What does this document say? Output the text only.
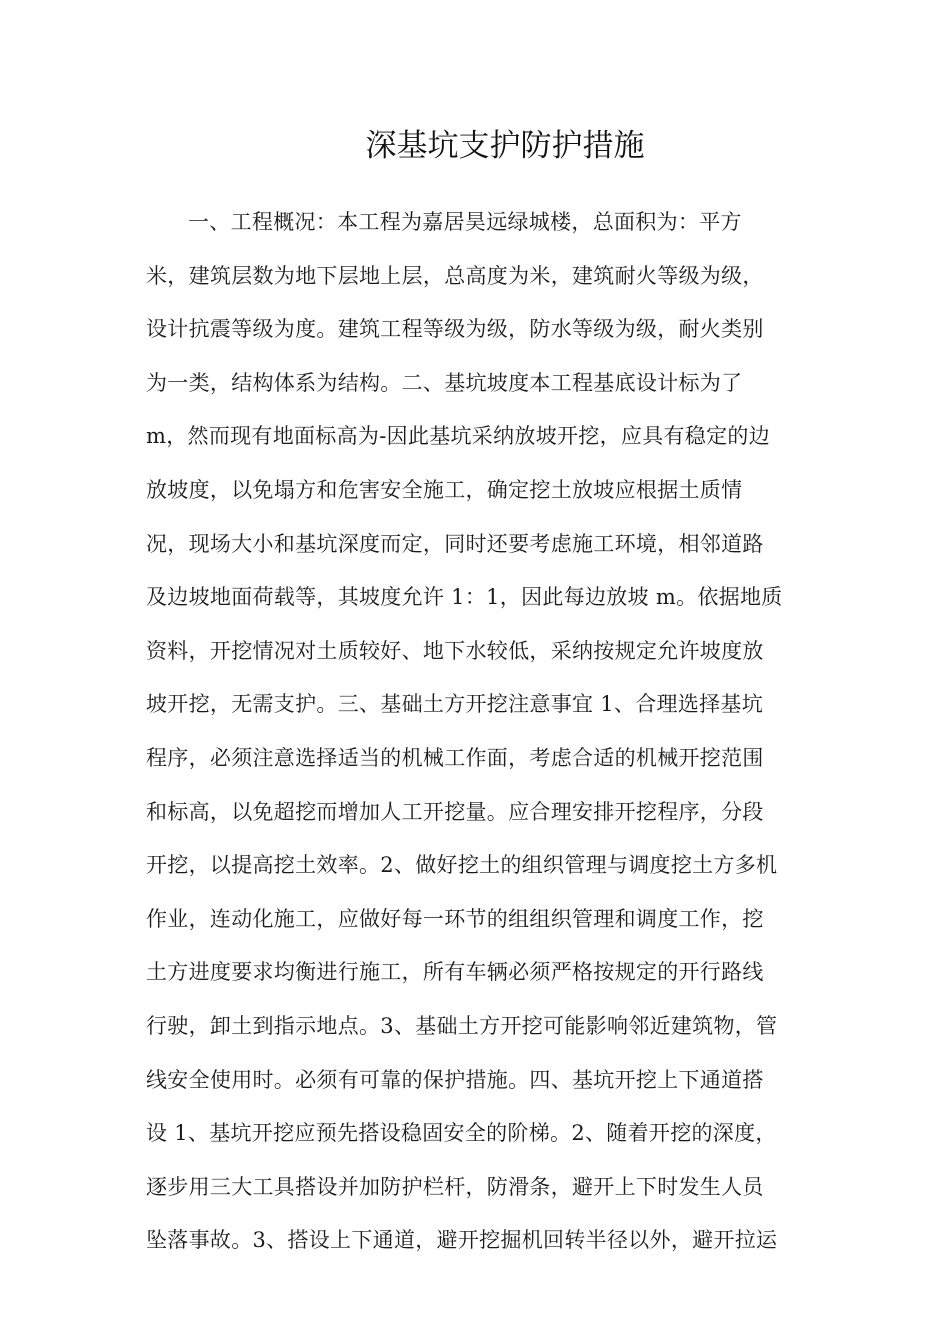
深基坑支护防护措施
一、工程概况：本工程为嘉居昊远绿城楼，总面积为：平方
米，建筑层数为地下层地上层，总高度为米，建筑耐火等级为级，
设计抗震等级为度。建筑工程等级为级，防水等级为级，耐火类别
为一类，结构体系为结构。二、基坑坡度本工程基底设计标为了
m，然而现有地面标高为-因此基坑采纳放坡开挖，应具有稳定的边
放坡度，以免塌方和危害安全施工，确定挖土放坡应根据土质情
况，现场大小和基坑深度而定，同时还要考虑施工环境，相邻道路
及边坡地面荷载等，其坡度允许 1：1，因此每边放坡 m。依据地质
资料，开挖情况对土质较好、地下水较低，采纳按规定允许坡度放
坡开挖，无需支护。三、基础土方开挖注意事宜 1、合理选择基坑
程序，必须注意选择适当的机械工作面，考虑合适的机械开挖范围
和标高，以免超挖而增加人工开挖量。应合理安排开挖程序，分段
开挖，以提高挖土效率。2、做好挖土的组织管理与调度挖土方多机
作业，连动化施工，应做好每一环节的组组织管理和调度工作，挖
土方进度要求均衡进行施工，所有车辆必须严格按规定的开行路线
行驶，卸土到指示地点。3、基础土方开挖可能影响邻近建筑物，管
线安全使用时。必须有可靠的保护措施。四、基坑开挖上下通道搭
设 1、基坑开挖应预先搭设稳固安全的阶梯。2、随着开挖的深度，
逐步用三大工具搭设并加防护栏杆，防滑条，避开上下时发生人员
坠落事故。3、搭设上下通道，避开挖掘机回转半径以外，避开拉运
